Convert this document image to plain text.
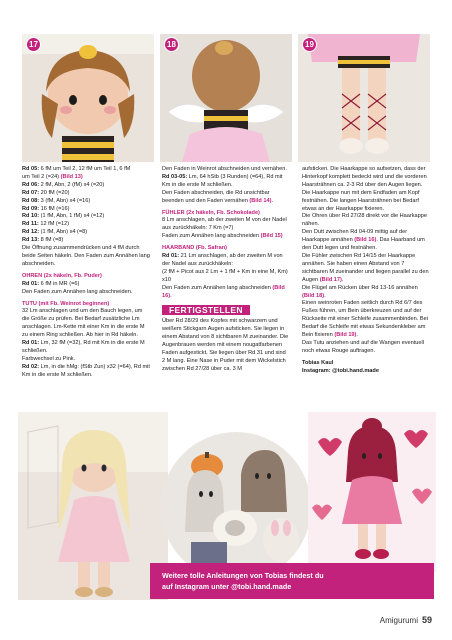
17	18	19
Rd 05: 6 fM um Teil 2, 12 fM um Teil 1, 6 fM
um Teil 2 (=24) (Bild 13)
Rd 06: 2 fM, Abn, 2 (fM) x4 (=20)
Rd 07: 20 fM (=20)
Rd 08: 3 (fM, Abn) x4 (=16)
Rd 09: 16 fM (=16)
Rd 10: (1 fM, Abn, 1 fM) x4 (=12)
Rd 11: 12 fM (=12)
Rd 12: (1 fM, Abn) x4 (=8)
Rd 13: 8 fM (=8)
Die Öffnung zusammendrücken und 4 fM durch beide Seiten häkeln. Den Faden zum Annähen lang abschneiden.
OHREN (2x häkeln, Fb. Puder)
Rd 01: 6 fM in MR (=6)
Den Faden zum Annähen lang abschneiden.
TUTU (mit Fb. Weinrot beginnen)
32 Lm anschlagen und um den Bauch legen, um die Größe zu prüfen. Bei Bedarf zusätzliche Lm anschlagen. Lm-Kette mit einer Km in die erste M zu einem Ring schließen. Ab hier in Rd häkeln.
Rd 01: Lm, 32 fM (=32), Rd mit Km in die erste M schließen.
Farbwechsel zu Pink.
Rd 02: Lm, in die hMg: (fStb Zun) x32 (=64), Rd mit Km in die erste M schließen.
Den Faden in Weinrot abschneiden und vernähen.
Rd 03-05: Lm, 64 hStb (3 Runden) (=64), Rd mit Km in die erste M schließen.
Den Faden abschneiden, die Rd unsichtbar beenden und den Faden vernähen (Bild 14).
FÜHLER (2x häkeln, Fb. Schokolade)
8 Lm anschlagen, ab der zweiten M von der Nadel aus zurückhäkeln: 7 Km (=7)
Faden zum Annähen lang abschneiden (Bild 15)
HAARBAND (Fb. Safran)
Rd 01: 21 Lm anschlagen, ab der zweiten M von der Nadel aus zurückhäkeln:
(2 fM + Picot aus 2 Lm + 1 fM + Km in eine M, Km) x10
Den Faden zum Annähen lang abschneiden (Bild 16).
FERTIGSTELLEN
Über Rd 28/29 des Kopfes mit schwarzem und weißem Stickgarn Augen aufsticken. Sie liegen in einem Abstand von 8 sichtbaren M zueinander. Die Augenbrauen werden mit einem nougatfarbenen Faden aufgestickt. Sie liegen über Rd 31 und sind 2 M lang. Eine Nase in Puder mit dem Wickelstich zwischen Rd 27/28 über ca. 3 M
aufsticken. Die Haarkappe so aufsetzen, dass der Hinterkopf komplett bedeckt wird und die vorderen Haarsträhnen ca. 2-3 Rd über den Augen liegen. Die Haarkappe nun mit dem Endfaden am Kopf festnähen. Die langen Haarsträhnen bei Bedarf etwas an der Haarkappe fixieren.
Die Ohren über Rd 27/28 direkt vor die Haarkappe nähen.
Den Dutt zwischen Rd 04-09 mittig auf der Haarkappe annähen (Bild 16). Das Haarband um den Dutt legen und festnähen.
Die Fühler zwischen Rd 14/15 der Haarkappe annähen. Sie haben einen Abstand von 7 sichtbaren M zueinander und liegen parallel zu den Augen (Bild 17).
Die Flügel am Rücken über Rd 13-16 annähen (Bild 18).
Einen weinroten Faden seitlich durch Rd 6/7 des Fußes führen, um Bein überkreuzen und auf der Rückseite mit einer Schleife zusammenbinden. Bei Bedarf die Schleife mit etwas Sekundenkleber am Bein fixieren (Bild 19).
Das Tutu anziehen und auf die Wangen eventuell noch etwas Rouge auftragen.
Tobias Kaul
Instagram: @tobi.hand.made
Weitere tolle Anleitungen von Tobias findest du
auf Instagram unter @tobi.hand.made
Amigurumi 59
